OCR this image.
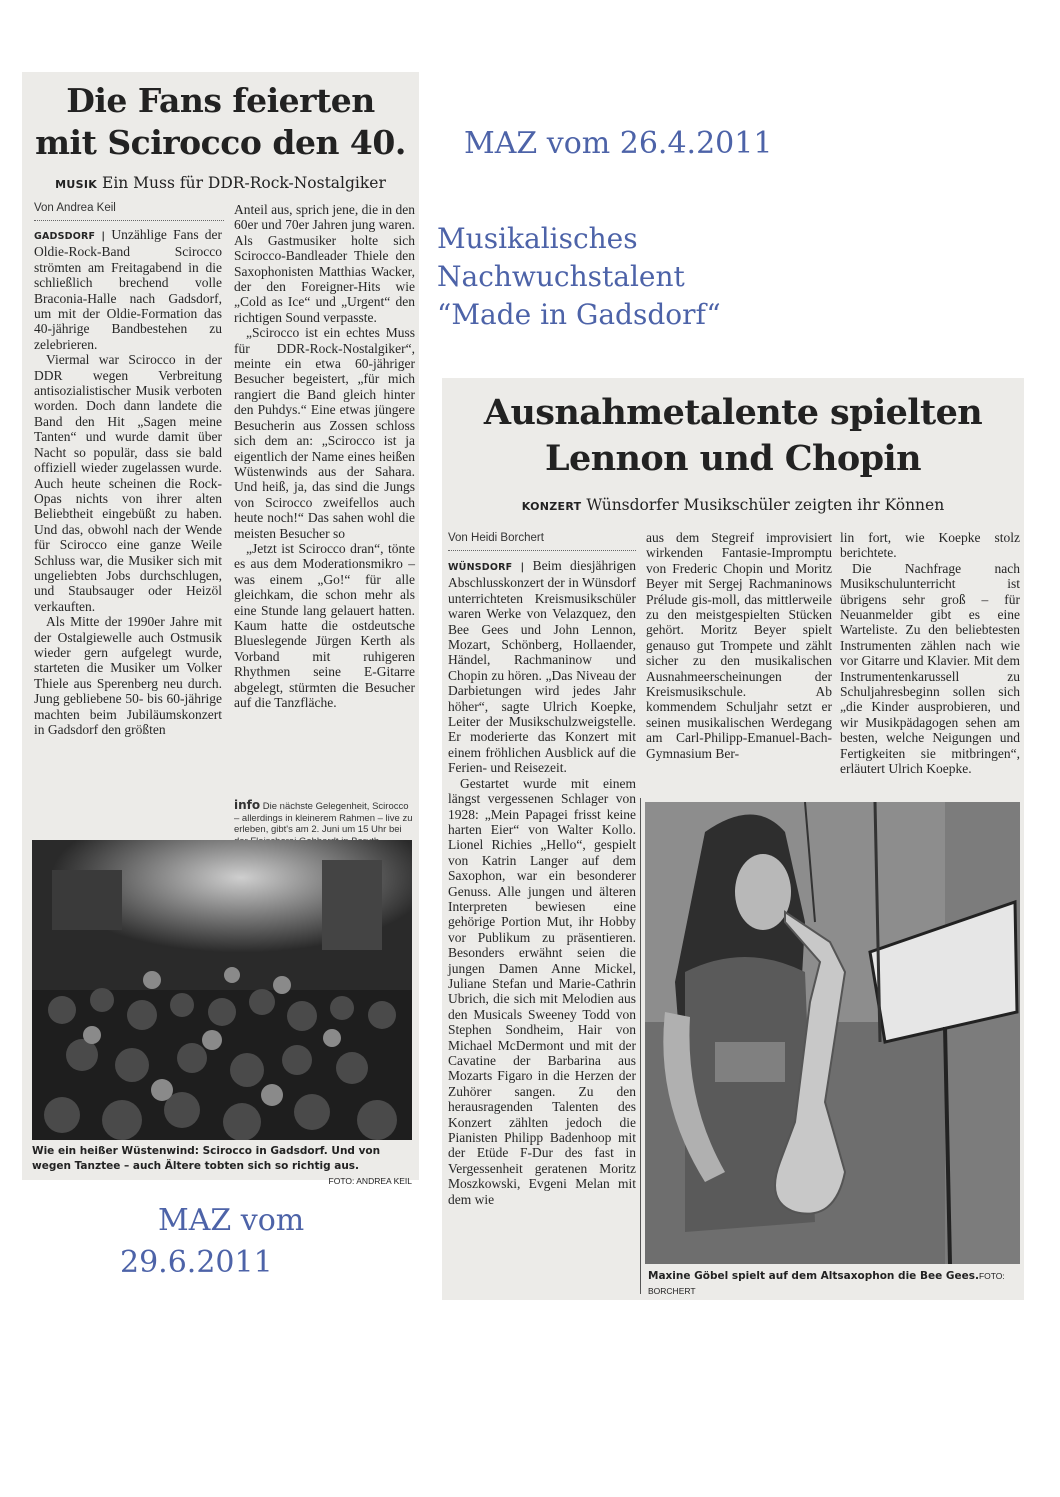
Die Fans feierten
mit Scirocco den 40.
MUSIK Ein Muss für DDR-Rock-Nostalgiker
Von Andrea Keil

GADSDORF | Unzählige Fans der Oldie-Rock-Band Scirocco strömten am Freitagabend in die schließlich brechend volle Braconia-Halle nach Gadsdorf, um mit der Oldie-Formation das 40-jährige Bandbestehen zu zelebrieren.

Viermal war Scirocco in der DDR wegen Verbreitung antisozialistischer Musik verboten worden. Doch dann landete die Band den Hit „Sagen meine Tanten“ und wurde damit über Nacht so populär, dass sie bald offiziell wieder zugelassen wurde. Auch heute scheinen die Rock-Opas nichts von ihrer alten Beliebtheit eingebüßt zu haben. Und das, obwohl nach der Wende für Scirocco eine ganze Weile Schluss war, die Musiker sich mit ungeliebten Jobs durchschlugen, und Staubsauger oder Heizöl verkauften.

Als Mitte der 1990er Jahre mit der Ostalgiewelle auch Ostmusik wieder gern aufgelegt wurde, starteten die Musiker um Volker Thiele aus Sperenberg neu durch. Jung gebliebene 50- bis 60-jährige machten beim Jubiläumskonzert in Gadsdorf den größten

Anteil aus, sprich jene, die in den 60er und 70er Jahren jung waren. Als Gastmusiker holte sich Scirocco-Bandleader Thiele den Saxophonisten Matthias Wacker, der den Foreigner-Hits wie „Cold as Ice“ und „Urgent“ den richtigen Sound verpasste.

„Scirocco ist ein echtes Muss für DDR-Rock-Nostalgiker“, meinte ein etwa 60-jähriger Besucher begeistert, „für mich rangiert die Band gleich hinter den Puhdys.“ Eine etwas jüngere Besucherin aus Zossen schloss sich dem an: „Scirocco ist ja eigentlich der Name eines heißen Wüstenwinds aus der Sahara. Und heiß, ja, das sind die Jungs von Scirocco zweifellos auch heute noch!“ Das sahen wohl die meisten Besucher so

„Jetzt ist Scirocco dran“, tönte es aus dem Moderationsmikro – was einem „Go!“ für alle gleichkam, die schon mehr als eine Stunde lang gelauert hatten. Kaum hatte die ostdeutsche Blueslegende Jürgen Kerth als Vorband mit ruhigeren Rhythmen seine E-Gitarre abgelegt, stürmten die Besucher auf die Tanzfläche.

info Die nächste Gelegenheit, Scirocco – allerdings in kleinerem Rahmen – live zu erleben, gibt's am 2. Juni um 15 Uhr bei
Wie ein heißer Wüstenwind: Scirocco in Gadsdorf. Und von wegen Tanztee – auch Ältere tobten sich so richtig aus.
FOTO: ANDREA KEIL
MAZ vom 26.4.2011
Musikalisches
Nachwuchstalent
“Made in Gadsdorf“
MAZ vom
29.6.2011
Ausnahmetalente spielten
Lennon und Chopin
KONZERT Wünsdorfer Musikschüler zeigten ihr Können
Von Heidi Borchert

WÜNSDORF | Beim diesjährigen Abschlusskonzert der in Wünsdorf unterrichteten Kreismusikschüler waren Werke von Velazquez, den Bee Gees und John Lennon, Mozart, Schönberg, Hollaender, Händel, Rachmaninow und Chopin zu hören. „Das Niveau der Darbietungen wird jedes Jahr höher“, sagte Ulrich Koepke, Leiter der Musikschulzweigstelle. Er moderierte das Konzert mit einem fröhlichen Ausblick auf die Ferien- und Reisezeit.

Gestartet wurde mit einem längst vergessenen Schlager von 1928: „Mein Papagei frisst keine harten Eier“ von Walter Kollo. Lionel Richies „Hello“, gespielt von Katrin Langer auf dem Saxophon, war ein besonderer Genuss. Alle jungen und älteren Interpreten bewiesen eine gehörige Portion Mut, ihr Hobby vor Publikum zu präsentieren. Besonders erwähnt seien die jungen Damen Anne Mickel, Juliane Stefan und Marie-Cathrin Ubrich, die sich mit Melodien aus den Musicals Sweeney Todd von Stephen Sondheim, Hair von Michael McDermont und mit der Cavatine der Barbarina aus Mozarts Figaro in die Herzen der Zuhörer sangen. Zu den herausragenden Talenten des Konzert zählten jedoch die Pianisten Philipp Badenhoop mit der Etüde F-Dur des fast in Vergessenheit geratenen Moritz Moszkowski, Evgeni Melan mit dem wie

aus dem Stegreif improvisiert wirkenden Fantasie-Impromptu von Frederic Chopin und Moritz Beyer mit Sergej Rachmaninows Prélude gis-moll, das mittlerweile zu den meistgespielten Stücken gehört. Moritz Beyer spielt genauso gut Trompete und zählt sicher zu den musikalischen Ausnahmeerscheinungen der Kreismusikschule. Ab kommendem Schuljahr setzt er seinen musikalischen Werdegang am Carl-Philipp-Emanuel-Bach-Gymnasium Ber-

lin fort, wie Koepke stolz berichtete.

Die Nachfrage nach Musikschulunterricht ist übrigens sehr groß – für Neuanmelder gibt es eine Warteliste. Zu den beliebtesten Instrumenten zählen nach wie vor Gitarre und Klavier. Mit dem Instrumentenkarussell zu Schuljahresbeginn sollen sich „die Kinder ausprobieren, und wir Musikpädagogen sehen am besten, welche Neigungen und Fertigkeiten sie mitbringen“, erläutert Ulrich Koepke.

Maxine Göbel spielt auf dem Altsaxophon die Bee Gees.FOTO: BORCHERT
